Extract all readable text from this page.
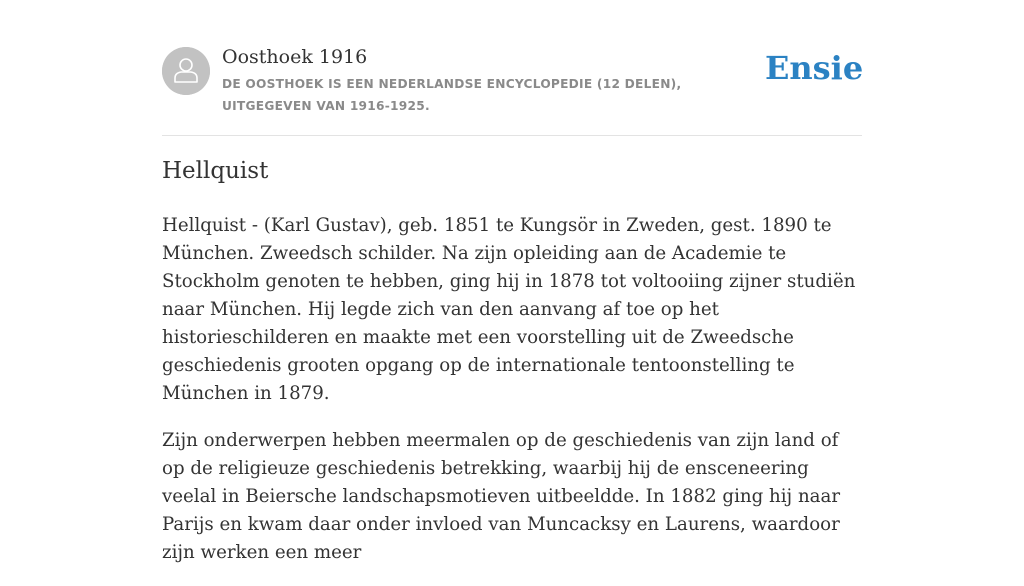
Oosthoek 1916
DE OOSTHOEK IS EEN NEDERLANDSE ENCYCLOPEDIE (12 DELEN), UITGEGEVEN VAN 1916-1925.
Ensie
Hellquist

Hellquist - (Karl Gustav), geb. 1851 te Kungsör in Zweden, gest. 1890 te München. Zweedsch schilder. Na zijn opleiding aan de Academie te Stockholm genoten te hebben, ging hij in 1878 tot voltooiing zijner studiën naar München. Hij legde zich van den aanvang af toe op het historieschilderen en maakte met een voorstelling uit de Zweedsche geschiedenis grooten opgang op de internationale tentoonstelling te München in 1879.

Zijn onderwerpen hebben meermalen op de geschiedenis van zijn land of op de religieuze geschiedenis betrekking, waarbij hij de ensceneering veelal in Beiersche landschapsmotieven uitbeeldde. In 1882 ging hij naar Parijs en kwam daar onder invloed van Muncacksy en Laurens, waardoor zijn werken een meer
